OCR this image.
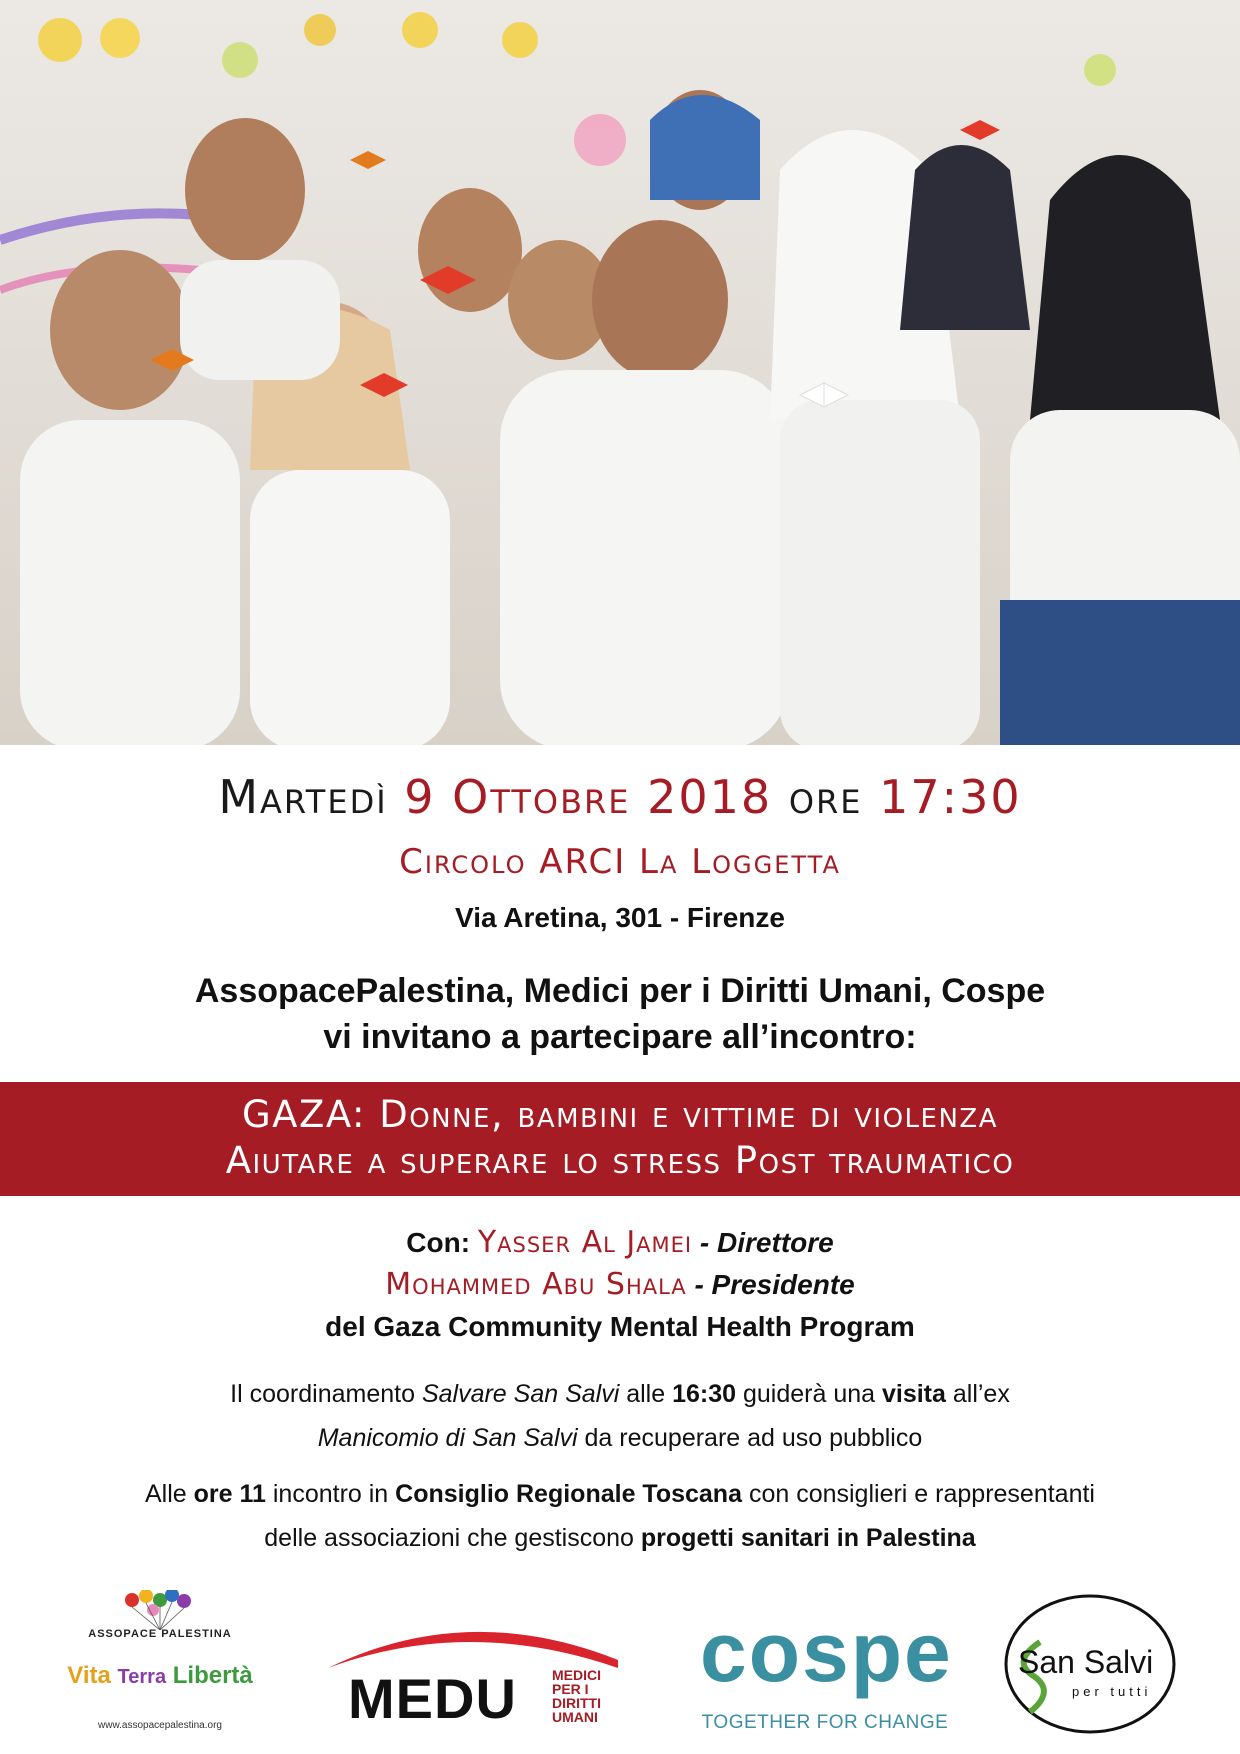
Martedì 9 Ottobre 2018 ore 17:30
Circolo ARCI La Loggetta
Via Aretina, 301 - Firenze
AssopacePalestina, Medici per i Diritti Umani, Cospe
vi invitano a partecipare all’incontro:
GAZA: Donne, bambini e vittime di violenza
Aiutare a superare lo stress Post traumatico
Con: Yasser Al Jamei - Direttore
Mohammed Abu Shala - Presidente
del Gaza Community Mental Health Program
Il coordinamento Salvare San Salvi alle 16:30 guiderà una visita all’ex
Manicomio di San Salvi da recuperare ad uso pubblico
Alle ore 11 incontro in Consiglio Regionale Toscana con consiglieri e rappresentanti
delle associazioni che gestiscono progetti sanitari in Palestina
ASSOPACE PALESTINA
Vita Terra Libertà
www.assopacepalestina.org	MEDU	MEDICI
PER I
DIRITTI
UMANI
cospe
TOGETHER FOR CHANGE
San Salvi
per tutti
